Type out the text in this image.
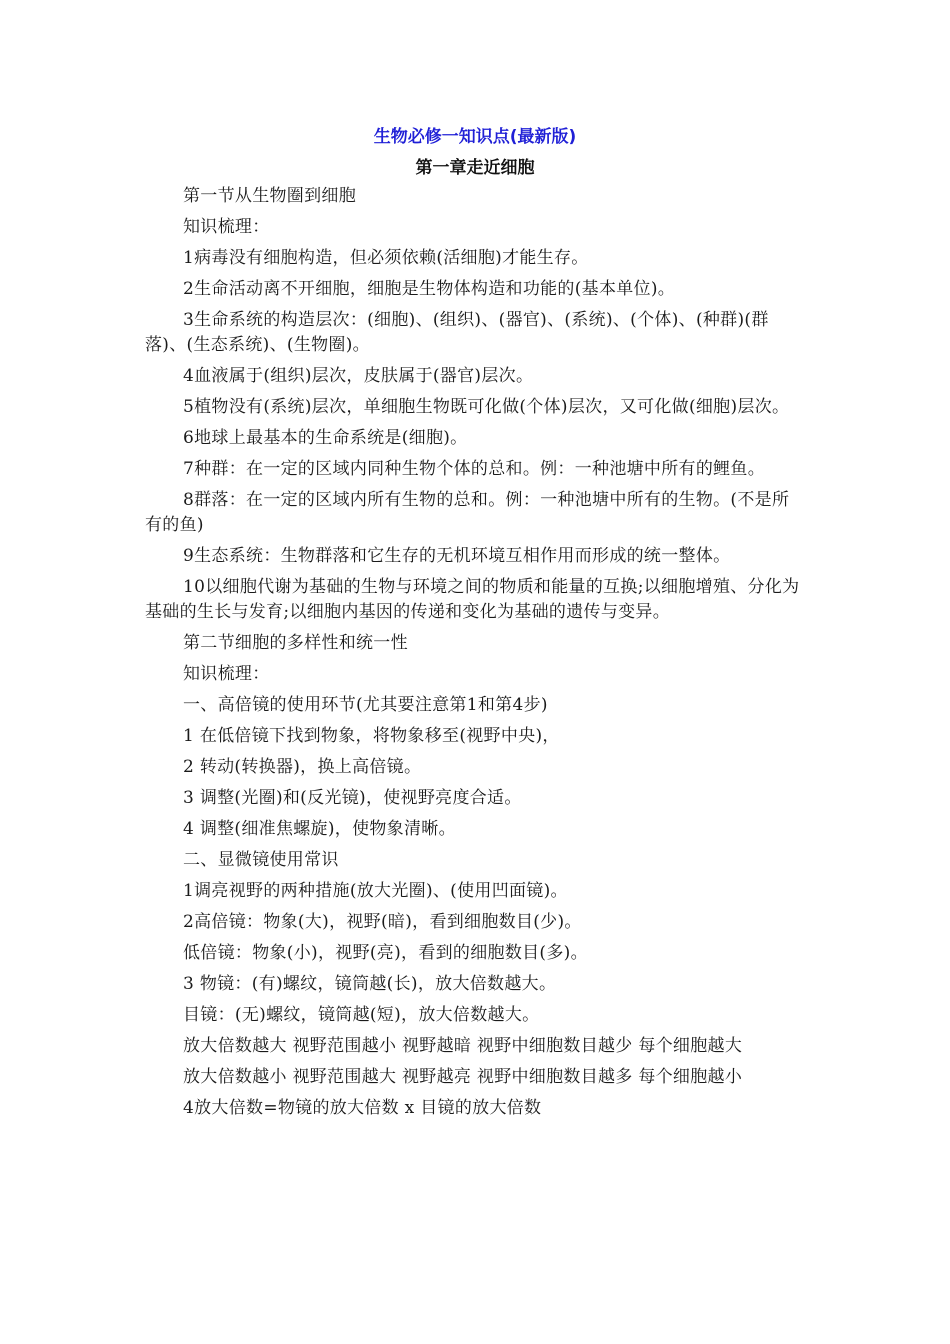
生物必修一知识点(最新版)
第一章走近细胞

第一节从生物圈到细胞

知识梳理：

1病毒没有细胞构造，但必须依赖(活细胞)才能生存。

2生命活动离不开细胞，细胞是生物体构造和功能的(基本单位)。

3生命系统的构造层次：(细胞)、(组织)、(器官)、(系统)、(个体)、(种群)(群落)、(生态系统)、(生物圈)。

4血液属于(组织)层次，皮肤属于(器官)层次。

5植物没有(系统)层次，单细胞生物既可化做(个体)层次，又可化做(细胞)层次。

6地球上最基本的生命系统是(细胞)。

7种群：在一定的区域内同种生物个体的总和。例：一种池塘中所有的鲤鱼。

8群落：在一定的区域内所有生物的总和。例：一种池塘中所有的生物。(不是所有的鱼)

9生态系统：生物群落和它生存的无机环境互相作用而形成的统一整体。

10以细胞代谢为基础的生物与环境之间的物质和能量的互换;以细胞增殖、分化为基础的生长与发育;以细胞内基因的传递和变化为基础的遗传与变异。

第二节细胞的多样性和统一性

知识梳理：

一、高倍镜的使用环节(尤其要注意第1和第4步)

1 在低倍镜下找到物象，将物象移至(视野中央)，

2 转动(转换器)，换上高倍镜。

3 调整(光圈)和(反光镜)，使视野亮度合适。

4 调整(细准焦螺旋)，使物象清晰。

二、显微镜使用常识

1调亮视野的两种措施(放大光圈)、(使用凹面镜)。

2高倍镜：物象(大)，视野(暗)，看到细胞数目(少)。

低倍镜：物象(小)，视野(亮)，看到的细胞数目(多)。

3 物镜：(有)螺纹，镜筒越(长)，放大倍数越大。

目镜：(无)螺纹，镜筒越(短)，放大倍数越大。

放大倍数越大 视野范围越小 视野越暗 视野中细胞数目越少 每个细胞越大

放大倍数越小 视野范围越大 视野越亮 视野中细胞数目越多 每个细胞越小

4放大倍数=物镜的放大倍数 x 目镜的放大倍数
